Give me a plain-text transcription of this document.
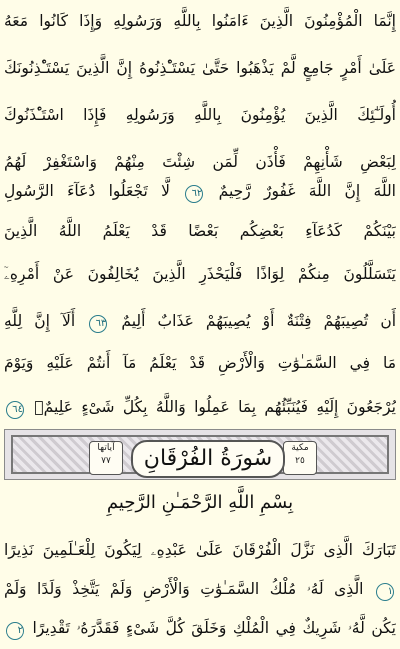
إِنَّمَا الْمُؤْمِنُونَ الَّذِينَ ءَامَنُوا بِاللَّهِ وَرَسُولِهِ وَإِذَا كَانُوا مَعَهُ
عَلَىٰ أَمْرٍ جَامِعٍ لَّمْ يَذْهَبُوا حَتَّىٰ يَسْتَـْٔذِنُوهُ إِنَّ الَّذِينَ يَسْتَـْٔذِنُونَكَ
أُولَـٰٓئِكَ الَّذِينَ يُؤْمِنُونَ بِاللَّهِ وَرَسُولِهِ فَإِذَا اسْتَـْٔذَنُوكَ
لِبَعْضِ شَأْنِهِمْ فَأْذَن لِّمَن شِئْتَ مِنْهُمْ وَاسْتَغْفِرْ لَهُمُ
اللَّهَ إِنَّ اللَّهَ غَفُورٌ رَّحِيمٌ ٦٢ لَّا تَجْعَلُوا دُعَآءَ الرَّسُولِ
بَيْنَكُمْ كَدُعَآءِ بَعْضِكُم بَعْضًا قَدْ يَعْلَمُ اللَّهُ الَّذِينَ
يَتَسَلَّلُونَ مِنكُمْ لِوَاذًا فَلْيَحْذَرِ الَّذِينَ يُخَالِفُونَ عَنْ أَمْرِهِۦٓ
أَن تُصِيبَهُمْ فِتْنَةٌ أَوْ يُصِيبَهُمْ عَذَابٌ أَلِيمٌ ٦٣ أَلَآ إِنَّ لِلَّهِ
مَا فِي السَّمَـٰوَٰتِ وَالْأَرْضِ قَدْ يَعْلَمُ مَآ أَنتُمْ عَلَيْهِ وَيَوْمَ
يُرْجَعُونَ إِلَيْهِ فَيُنَبِّئُهُم بِمَا عَمِلُوا وَاللَّهُ بِكُلِّ شَىْءٍ عَلِيمٌۢ ٦٤
مكية
٢٥
سُورَةُ الفُرْقَانِ
آياتها
٧٧
بِسْمِ اللَّهِ الرَّحْمَـٰنِ الرَّحِيمِ
تَبَارَكَ الَّذِى نَزَّلَ الْفُرْقَانَ عَلَىٰ عَبْدِهِۦ لِيَكُونَ لِلْعَـٰلَمِينَ نَذِيرًا
١ الَّذِى لَهُۥ مُلْكُ السَّمَـٰوَٰتِ وَالْأَرْضِ وَلَمْ يَتَّخِذْ وَلَدًا وَلَمْ
يَكُن لَّهُۥ شَرِيكٌ فِي الْمُلْكِ وَخَلَقَ كُلَّ شَىْءٍ فَقَدَّرَهُۥ تَقْدِيرًا ٢
